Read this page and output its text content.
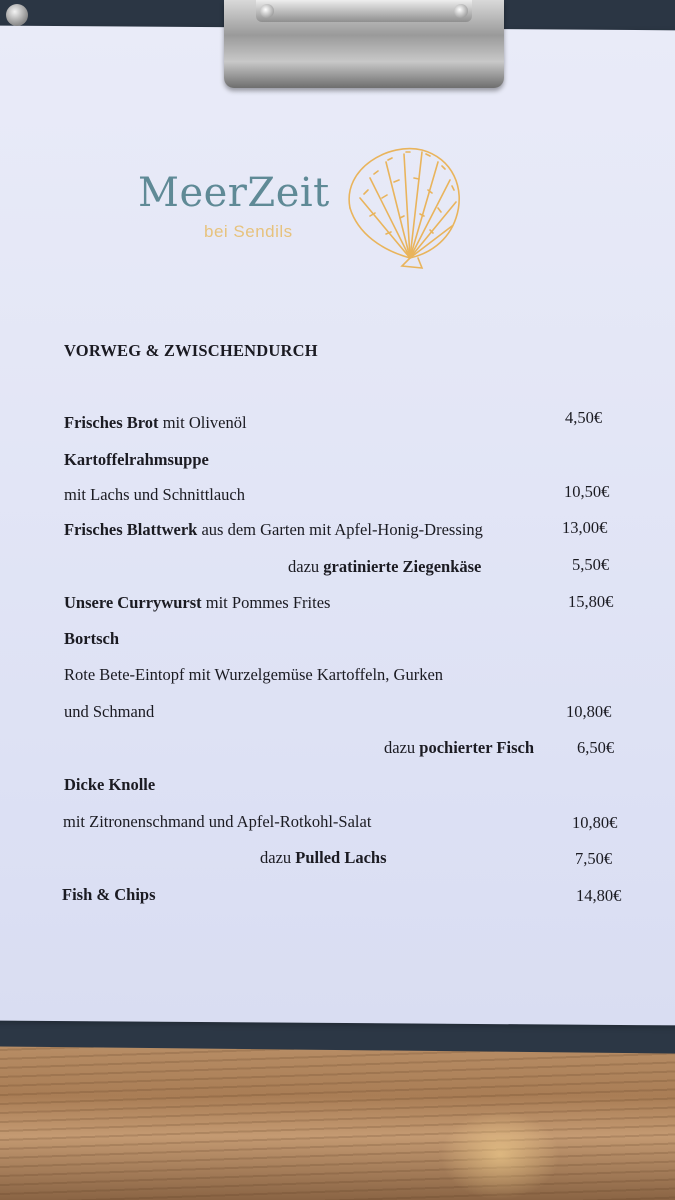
MeerZeit
bei Sendils
VORWEG & ZWISCHENDURCH
Frisches Brot mit Olivenöl	4,50€
Kartoffelrahmsuppe
mit Lachs und Schnittlauch	10,50€
Frisches Blattwerk aus dem Garten mit Apfel-Honig-Dressing	13,00€
dazu gratinierte Ziegenkäse	5,50€
Unsere Currywurst mit Pommes Frites	15,80€
Bortsch
Rote Bete-Eintopf mit Wurzelgemüse Kartoffeln, Gurken
und Schmand	10,80€
dazu pochierter Fisch	6,50€
Dicke Knolle
mit Zitronenschmand und Apfel-Rotkohl-Salat	10,80€
dazu Pulled Lachs	7,50€
Fish & Chips	14,80€
